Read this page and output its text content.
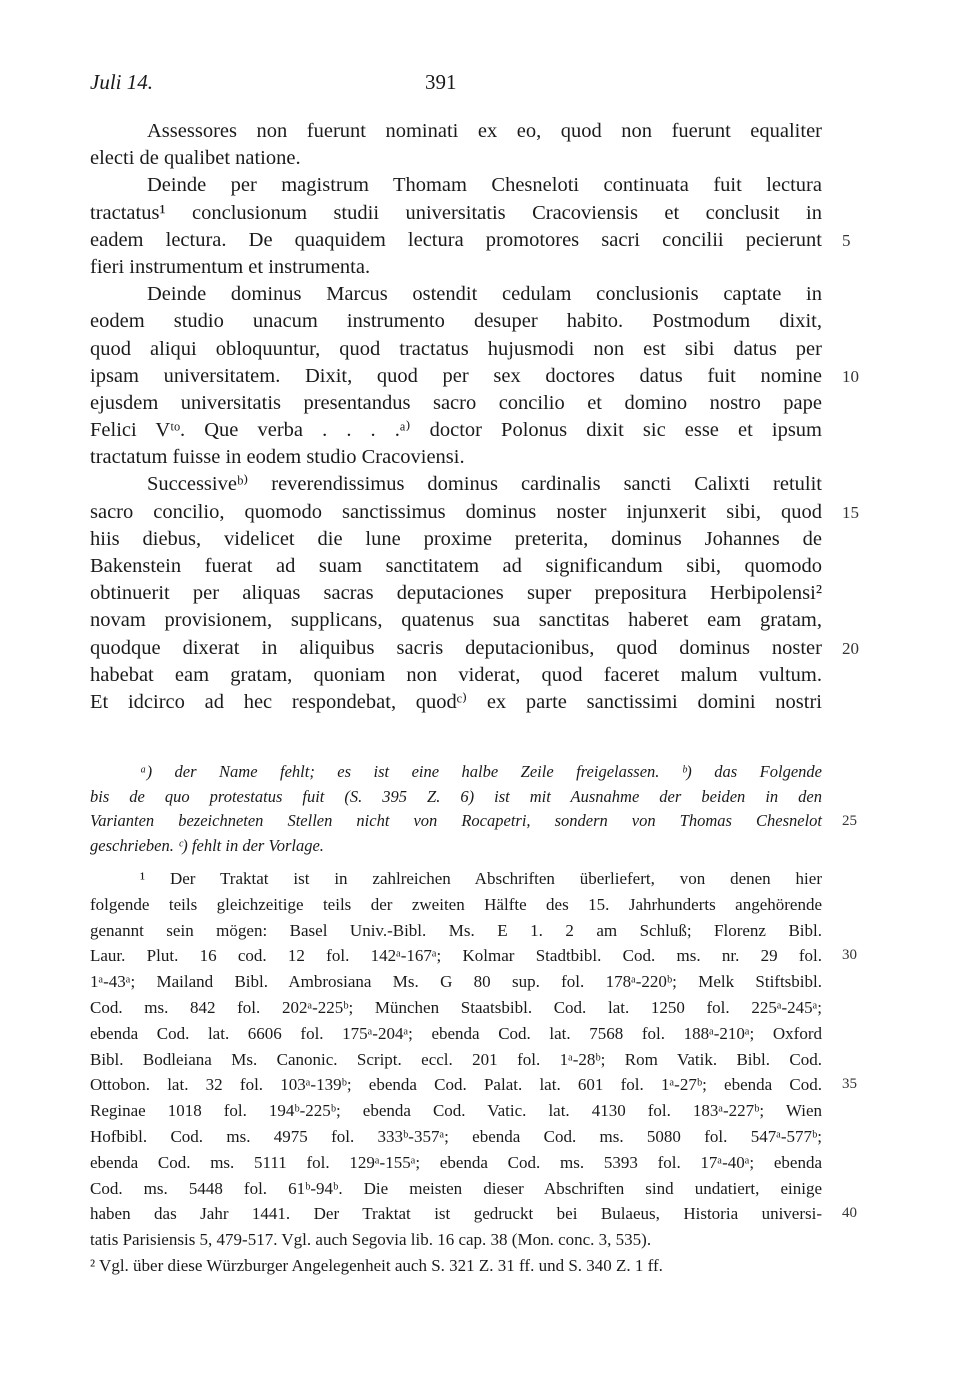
Juli 14.	391
Assessores non fuerunt nominati ex eo, quod non fuerunt equaliter
electi de qualibet natione.
Deinde per magistrum Thomam Chesneloti continuata fuit lectura
tractatus¹ conclusionum studii universitatis Cracoviensis et conclusit in
eadem lectura. De quaquidem lectura promotores sacri concilii pecierunt 5
fieri instrumentum et instrumenta.
Deinde dominus Marcus ostendit cedulam conclusionis captate in
eodem studio unacum instrumento desuper habito. Postmodum dixit,
quod aliqui obloquuntur, quod tractatus hujusmodi non est sibi datus per
ipsam universitatem. Dixit, quod per sex doctores datus fuit nomine 10
ejusdem universitatis presentandus sacro concilio et domino nostro pape
Felici Vᵗᵒ. Que verba . . . .ᵃ⁾ doctor Polonus dixit sic esse et ipsum
tractatum fuisse in eodem studio Cracoviensi.
Successiveᵇ⁾ reverendissimus dominus cardinalis sancti Calixti retulit
sacro concilio, quomodo sanctissimus dominus noster injunxerit sibi, quod 15
hiis diebus, videlicet die lune proxime preterita, dominus Johannes de
Bakenstein fuerat ad suam sanctitatem ad significandum sibi, quomodo
obtinuerit per aliquas sacras deputaciones super prepositura Herbipolensi²
novam provisionem, supplicans, quatenus sua sanctitas haberet eam gratam,
quodque dixerat in aliquibus sacris deputacionibus, quod dominus noster 20
habebat eam gratam, quoniam non viderat, quod faceret malum vultum.
Et idcirco ad hec respondebat, quodᶜ⁾ ex parte sanctissimi domini nostri
ᵃ) der Name fehlt; es ist eine halbe Zeile freigelassen. ᵇ) das Folgende
bis de quo protestatus fuit (S. 395 Z. 6) ist mit Ausnahme der beiden in den
Varianten bezeichneten Stellen nicht von Rocapetri, sondern von Thomas Chesnelot 25
geschrieben. ᶜ) fehlt in der Vorlage.
¹ Der Traktat ist in zahlreichen Abschriften überliefert, von denen hier
folgende teils gleichzeitige teils der zweiten Hälfte des 15. Jahrhunderts angehörende
genannt sein mögen: Basel Univ.-Bibl. Ms. E 1. 2 am Schluß; Florenz Bibl.
Laur. Plut. 16 cod. 12 fol. 142ᵃ-167ᵃ; Kolmar Stadtbibl. Cod. ms. nr. 29 fol. 30
1ᵃ-43ᵃ; Mailand Bibl. Ambrosiana Ms. G 80 sup. fol. 178ᵃ-220ᵇ; Melk Stiftsbibl.
Cod. ms. 842 fol. 202ᵃ-225ᵇ; München Staatsbibl. Cod. lat. 1250 fol. 225ᵃ-245ᵃ;
ebenda Cod. lat. 6606 fol. 175ᵃ-204ᵃ; ebenda Cod. lat. 7568 fol. 188ᵃ-210ᵃ; Oxford
Bibl. Bodleiana Ms. Canonic. Script. eccl. 201 fol. 1ᵃ-28ᵇ; Rom Vatik. Bibl. Cod.
Ottobon. lat. 32 fol. 103ᵃ-139ᵇ; ebenda Cod. Palat. lat. 601 fol. 1ᵃ-27ᵇ; ebenda Cod. 35
Reginae 1018 fol. 194ᵇ-225ᵇ; ebenda Cod. Vatic. lat. 4130 fol. 183ᵃ-227ᵇ; Wien
Hofbibl. Cod. ms. 4975 fol. 333ᵇ-357ᵃ; ebenda Cod. ms. 5080 fol. 547ᵃ-577ᵇ;
ebenda Cod. ms. 5111 fol. 129ᵃ-155ᵃ; ebenda Cod. ms. 5393 fol. 17ᵃ-40ᵃ; ebenda
Cod. ms. 5448 fol. 61ᵇ-94ᵇ. Die meisten dieser Abschriften sind undatiert, einige
haben das Jahr 1441. Der Traktat ist gedruckt bei Bulaeus, Historia universi- 40
tatis Parisiensis 5, 479-517. Vgl. auch Segovia lib. 16 cap. 38 (Mon. conc. 3, 535).
² Vgl. über diese Würzburger Angelegenheit auch S. 321 Z. 31 ff. und S. 340 Z. 1 ff.
